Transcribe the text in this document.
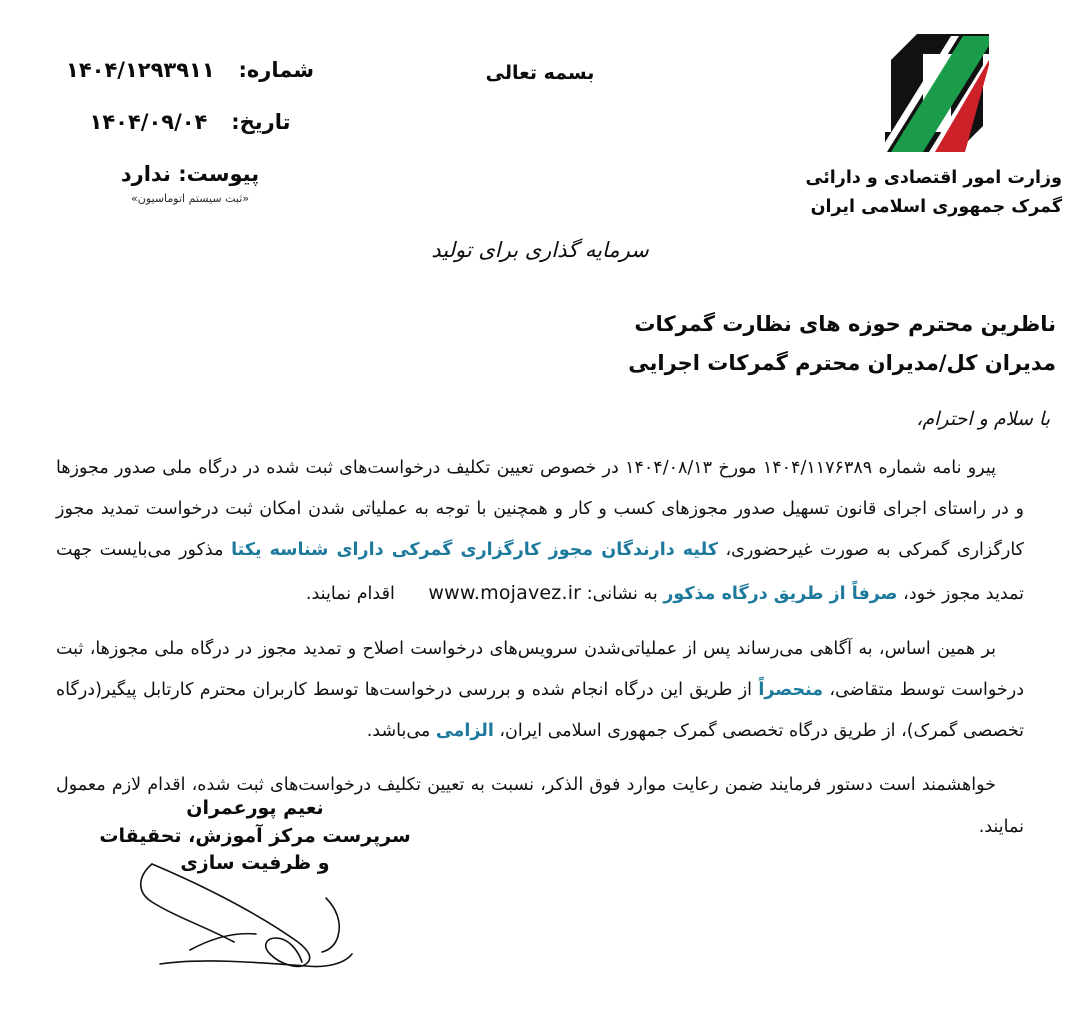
شماره: ۱۴۰۴/۱۲۹۳۹۱۱
تاریخ: ۱۴۰۴/۰۹/۰۴
پیوست: ندارد
«ثبت سیستم اتوماسیون»
بسمه تعالی
سرمایه گذاری برای تولید
وزارت امور اقتصادی و دارائی
گمرک جمهوری اسلامی ایران
ناظرین محترم حوزه های نظارت گمرکات
مدیران کل/مدیران محترم گمرکات اجرایی
با سلام و احترام،

پیرو نامه شماره ۱۴۰۴/۱۱۷۶۳۸۹ مورخ ۱۴۰۴/۰۸/۱۳ در خصوص تعیین تکلیف درخواست‌های ثبت شده در درگاه ملی صدور مجوزها و در راستای اجرای قانون تسهیل صدور مجوزهای کسب و کار و همچنین با توجه به عملیاتی شدن امکان ثبت درخواست تمدید مجوز کارگزاری گمرکی به صورت غیرحضوری، کلیه دارندگان مجوز کارگزاری گمرکی دارای شناسه یکتا مذکور می‌بایست جهت تمدید مجوز خود، صرفاً از طریق درگاه مذکور به نشانی: www.mojavez.ir اقدام نمایند.

بر همین اساس، به آگاهی می‌رساند پس از عملیاتی‌شدن سرویس‌های درخواست اصلاح و تمدید مجوز در درگاه ملی مجوزها، ثبت درخواست توسط متقاضی، منحصراً از طریق این درگاه انجام شده و بررسی درخواست‌ها توسط کاربران محترم کارتابل پیگیر(درگاه تخصصی گمرک)، از طریق درگاه تخصصی گمرک جمهوری اسلامی ایران، الزامی می‌باشد.

خواهشمند است دستور فرمایند ضمن رعایت موارد فوق الذکر، نسبت به تعیین تکلیف درخواست‌های ثبت شده، اقدام لازم معمول نمایند.

نعیم پورعمران
سرپرست مرکز آموزش، تحقیقات
و ظرفیت سازی
